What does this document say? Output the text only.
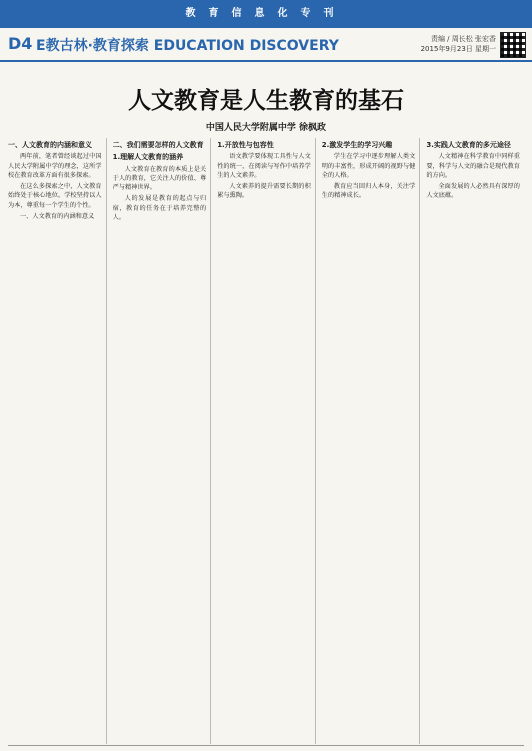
教育信息化专刊
D4 E教古林·教育探索 EDUCATION DISCOVERY	责编 / 周长松 张宏香
2015年9月23日 星期一
人文教育是人生教育的基石
中国人民大学附属中学 徐枫政
一、人文教育的内涵和意义

两年前，笔者曾经谈起过中国人民大学附属中学的理念，这所学校在教育改革方面有很多探索。

在这么多探索之中，人文教育始终处于核心地位。学校坚持以人为本，尊重每一个学生的个性。

一、人文教育的内涵和意义

二、我们需要怎样的人文教育
1.理解人文教育的涵养

人文教育在教育的本质上是关于人的教育，它关注人的价值、尊严与精神世界。

人的发展是教育的起点与归宿，教育的任务在于培养完整的人。

1.开放性与包容性

语文教学要体现工具性与人文性的统一，在阅读与写作中培养学生的人文素养。

人文素养的提升需要长期的积累与熏陶。

2.激发学生的学习兴趣

学生在学习中逐步理解人类文明的丰富性，形成开阔的视野与健全的人格。

教育应当回归人本身，关注学生的精神成长。

3.实践人文教育的多元途径

人文精神在科学教育中同样重要，科学与人文的融合是现代教育的方向。

全面发展的人必然具有深厚的人文底蕴。
